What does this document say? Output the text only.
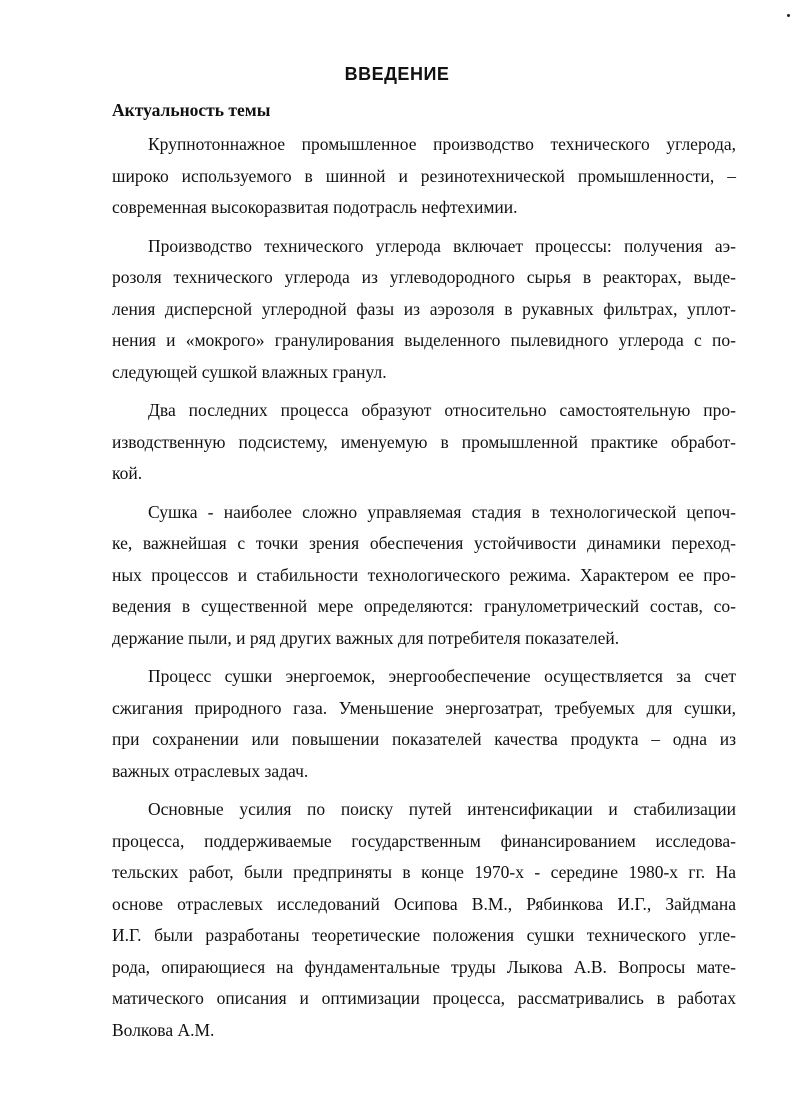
ВВЕДЕНИЕ
Актуальность темы
Крупнотоннажное промышленное производство технического углерода,
широко используемого в шинной и резинотехнической промышленности, –
современная высокоразвитая подотрасль нефтехимии.
Производство технического углерода включает процессы: получения аэ-
розоля технического углерода из углеводородного сырья в реакторах, выде-
ления дисперсной углеродной фазы из аэрозоля в рукавных фильтрах, уплот-
нения и «мокрого» гранулирования выделенного пылевидного углерода с по-
следующей сушкой влажных гранул.
Два последних процесса образуют относительно самостоятельную про-
изводственную подсистему, именуемую в промышленной практике обработ-
кой.
Сушка - наиболее сложно управляемая стадия в технологической цепоч-
ке, важнейшая с точки зрения обеспечения устойчивости динамики переход-
ных процессов и стабильности технологического режима. Характером ее про-
ведения в существенной мере определяются: гранулометрический состав, со-
держание пыли, и ряд других важных для потребителя показателей.
Процесс сушки энергоемок, энергообеспечение осуществляется за счет
сжигания природного газа. Уменьшение энергозатрат, требуемых для сушки,
при сохранении или повышении показателей качества продукта – одна из
важных отраслевых задач.
Основные усилия по поиску путей интенсификации и стабилизации
процесса, поддерживаемые государственным финансированием исследова-
тельских работ, были предприняты в конце 1970-х - середине 1980-х гг. На
основе отраслевых исследований Осипова В.М., Рябинкова И.Г., Зайдмана
И.Г. были разработаны теоретические положения сушки технического угле-
рода, опирающиеся на фундаментальные труды Лыкова А.В. Вопросы мате-
матического описания и оптимизации процесса, рассматривались в работах
Волкова А.М.
